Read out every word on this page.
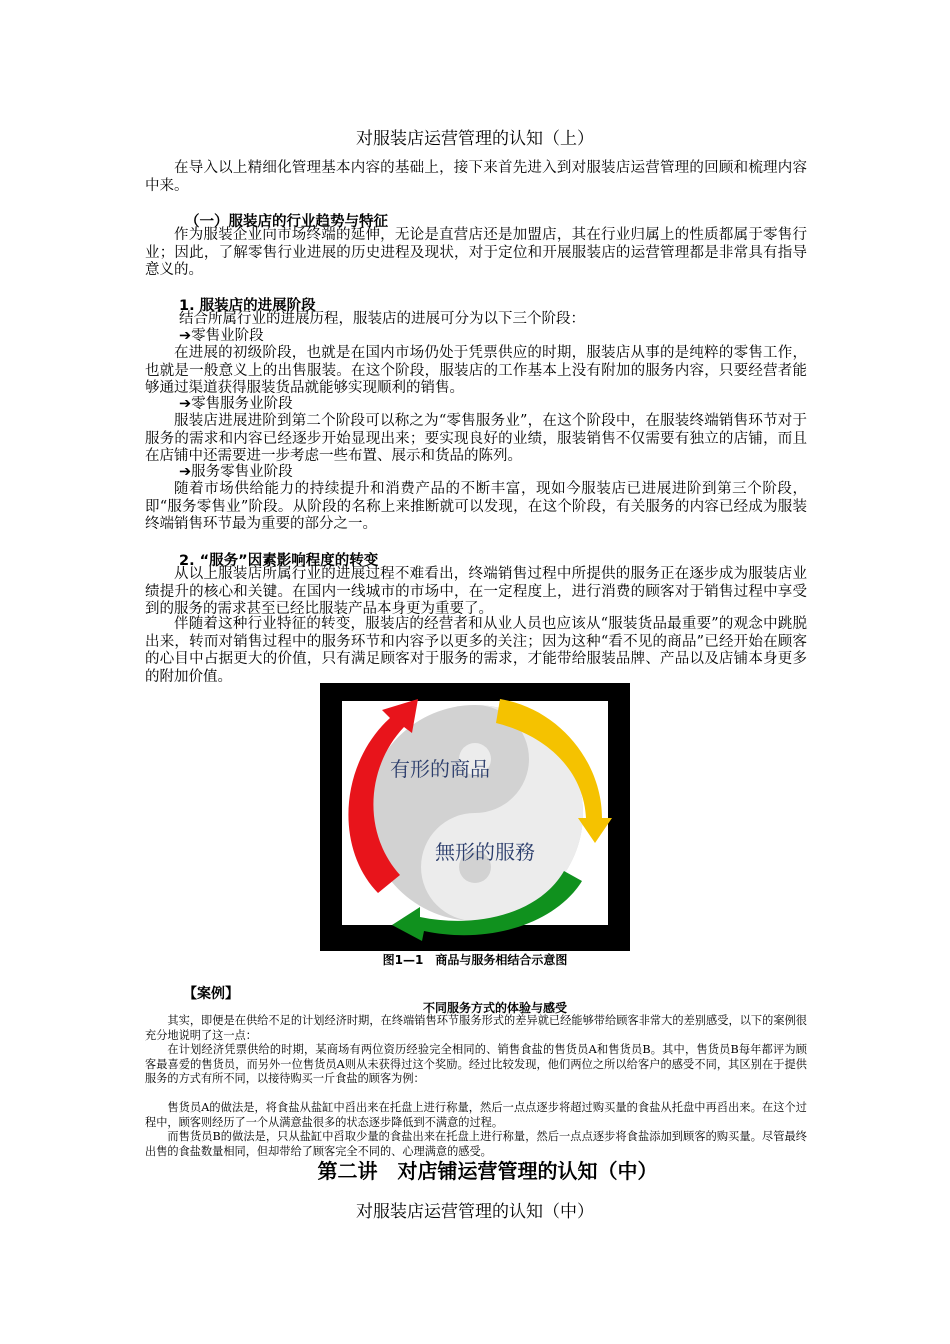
对服装店运营管理的认知（上）

在导入以上精细化管理基本内容的基础上，接下来首先进入到对服装店运营管理的回顾和梳理内容中来。

（一）服装店的行业趋势与特征

作为服装企业向市场终端的延伸，无论是直营店还是加盟店，其在行业归属上的性质都属于零售行业；因此，了解零售行业进展的历史进程及现状，对于定位和开展服装店的运营管理都是非常具有指导意义的。

1. 服装店的进展阶段
结合所属行业的进展历程，服装店的进展可分为以下三个阶段：
➔零售业阶段

在进展的初级阶段，也就是在国内市场仍处于凭票供应的时期，服装店从事的是纯粹的零售工作，也就是一般意义上的出售服装。在这个阶段，服装店的工作基本上没有附加的服务内容，只要经营者能够通过渠道获得服装货品就能够实现顺利的销售。

➔零售服务业阶段

服装店进展进阶到第二个阶段可以称之为“零售服务业”，在这个阶段中，在服装终端销售环节对于服务的需求和内容已经逐步开始显现出来；要实现良好的业绩，服装销售不仅需要有独立的店铺，而且在店铺中还需要进一步考虑一些布置、展示和货品的陈列。

➔服务零售业阶段

随着市场供给能力的持续提升和消费产品的不断丰富，现如今服装店已进展进阶到第三个阶段，即“服务零售业”阶段。从阶段的名称上来推断就可以发现，在这个阶段，有关服务的内容已经成为服装终端销售环节最为重要的部分之一。

2. “服务”因素影响程度的转变

从以上服装店所属行业的进展过程不难看出，终端销售过程中所提供的服务正在逐步成为服装店业绩提升的核心和关键。在国内一线城市的市场中，在一定程度上，进行消费的顾客对于销售过程中享受到的服务的需求甚至已经比服装产品本身更为重要了。

伴随着这种行业特征的转变，服装店的经营者和从业人员也应该从“服装货品最重要”的观念中跳脱出来，转而对销售过程中的服务环节和内容予以更多的关注；因为这种“看不见的商品”已经开始在顾客的心目中占据更大的价值，只有满足顾客对于服务的需求，才能带给服装品牌、产品以及店铺本身更多的附加价值。

有形的商品
無形的服務
图1—1　商品与服务相结合示意图
【案例】
不同服务方式的体验与感受

其实，即便是在供给不足的计划经济时期，在终端销售环节服务形式的差异就已经能够带给顾客非常大的差别感受，以下的案例很充分地说明了这一点：

在计划经济凭票供给的时期，某商场有两位资历经验完全相同的、销售食盐的售货员A和售货员B。其中，售货员B每年都评为顾客最喜爱的售货员，而另外一位售货员A则从未获得过这个奖励。经过比较发现，他们两位之所以给客户的感受不同，其区别在于提供服务的方式有所不同，以接待购买一斤食盐的顾客为例：

售货员A的做法是，将食盐从盐缸中舀出来在托盘上进行称量，然后一点点逐步将超过购买量的食盐从托盘中再舀出来。在这个过程中，顾客则经历了一个从满意盐很多的状态逐步降低到不满意的过程。

而售货员B的做法是，只从盐缸中舀取少量的食盐出来在托盘上进行称量，然后一点点逐步将食盐添加到顾客的购买量。尽管最终出售的食盐数量相同，但却带给了顾客完全不同的、心理满意的感受。

第二讲　对店铺运营管理的认知（中）
对服装店运营管理的认知（中）
